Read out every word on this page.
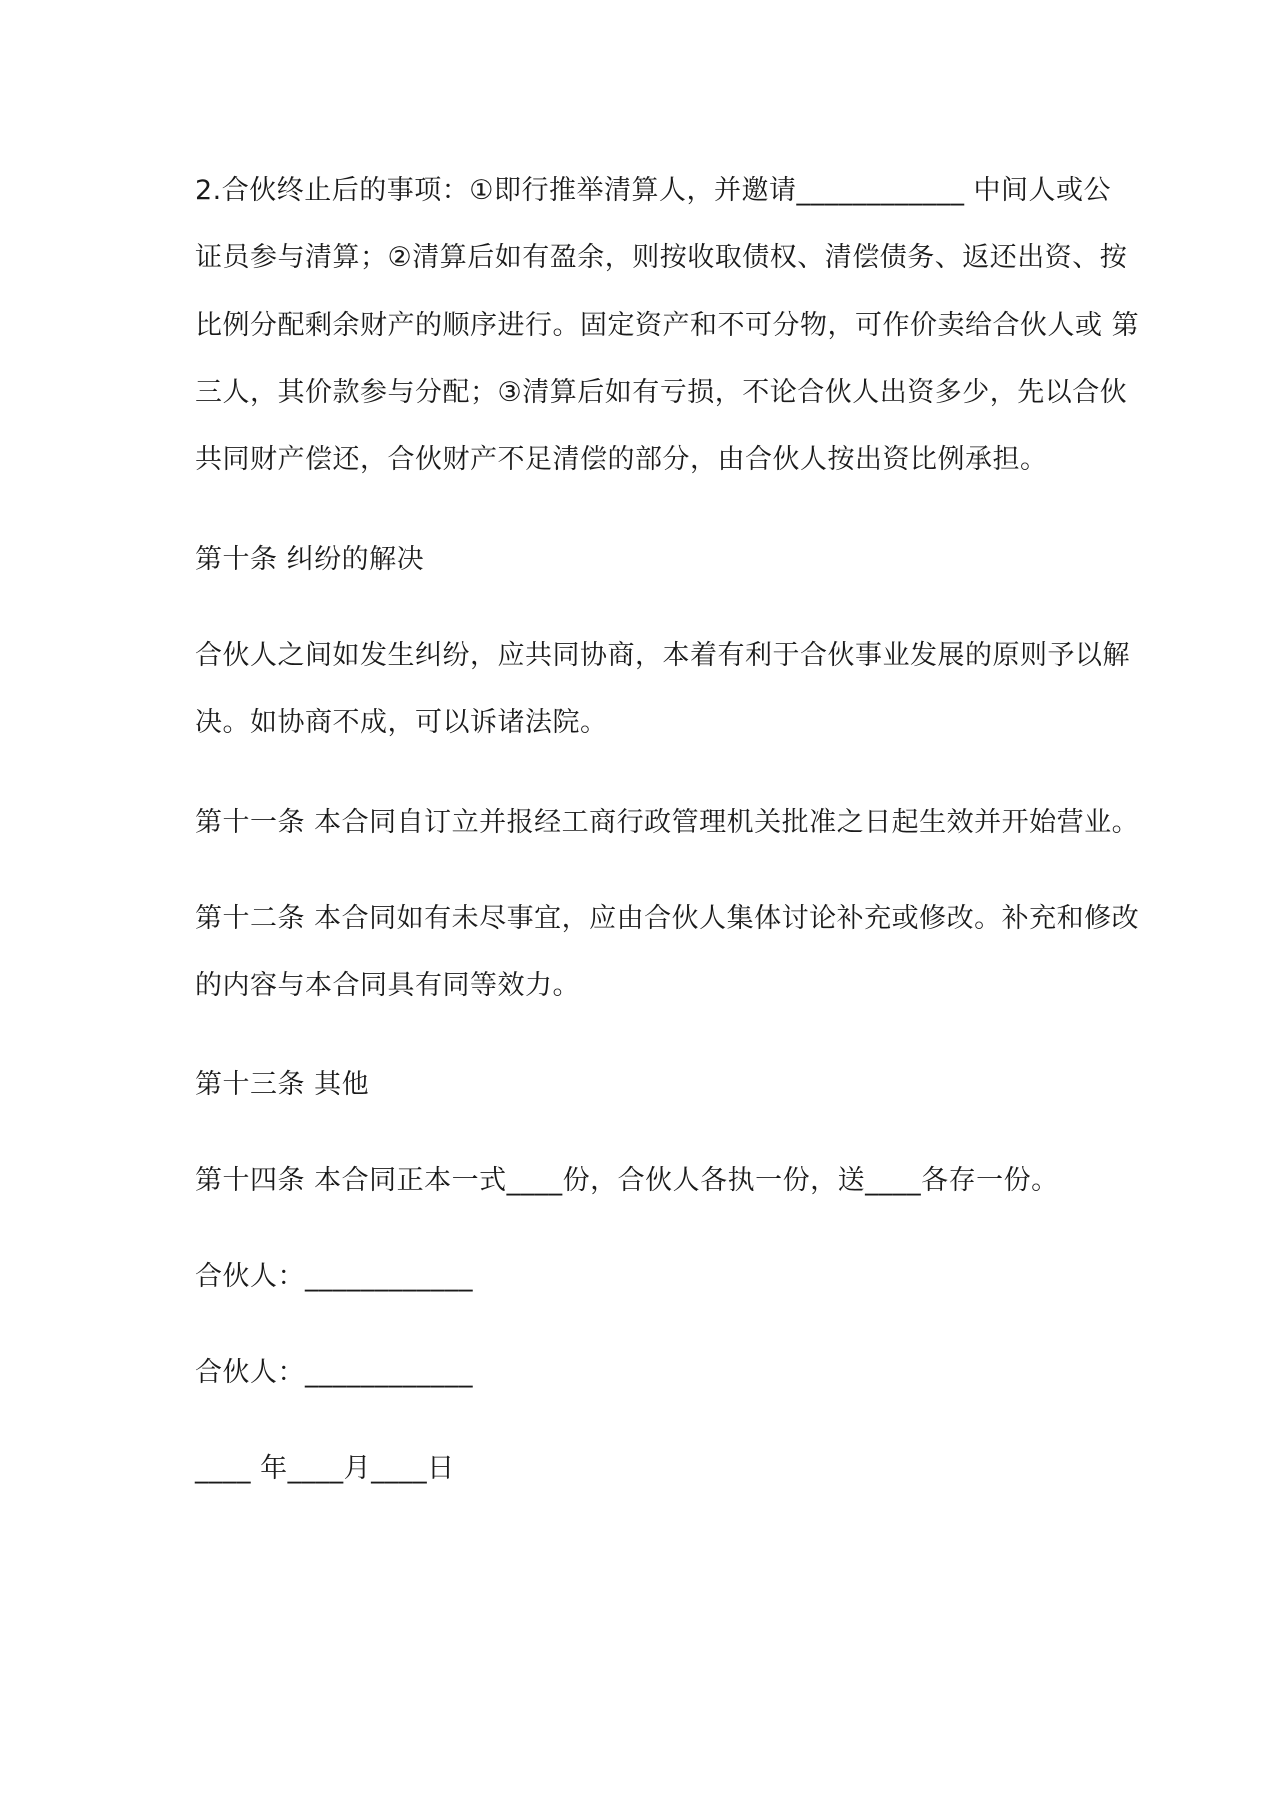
2.合伙终止后的事项：①即行推举清算人，并邀请____________ 中间人或公
证员参与清算；②清算后如有盈余，则按收取债权、清偿债务、返还出资、按
比例分配剩余财产的顺序进行。固定资产和不可分物，可作价卖给合伙人或 第
三人，其价款参与分配；③清算后如有亏损，不论合伙人出资多少，先以合伙
共同财产偿还，合伙财产不足清偿的部分，由合伙人按出资比例承担。
第十条 纠纷的解决
合伙人之间如发生纠纷，应共同协商，本着有利于合伙事业发展的原则予以解
决。如协商不成，可以诉诸法院。
第十一条 本合同自订立并报经工商行政管理机关批准之日起生效并开始营业。
第十二条 本合同如有未尽事宜，应由合伙人集体讨论补充或修改。补充和修改
的内容与本合同具有同等效力。
第十三条 其他
第十四条 本合同正本一式____份，合伙人各执一份，送____各存一份。
合伙人：____________
合伙人：____________
____ 年____月____日
